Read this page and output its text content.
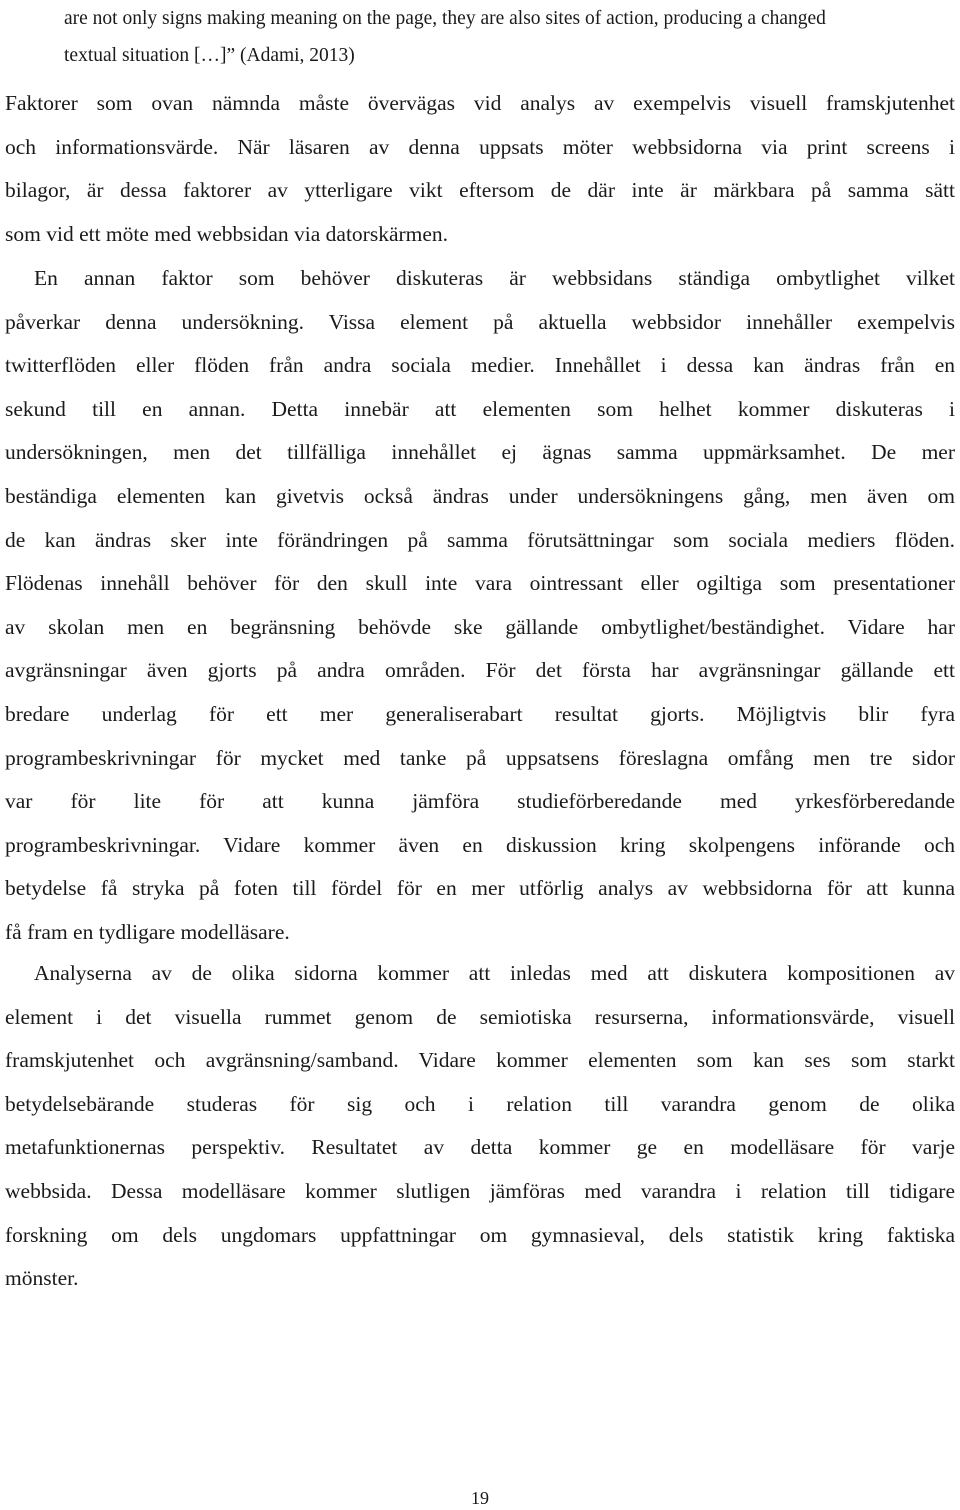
are not only signs making meaning on the page, they are also sites of action, producing a changed
textual situation […]” (Adami, 2013)
Faktorer som ovan nämnda måste övervägas vid analys av exempelvis visuell framskjutenhet
och informationsvärde. När läsaren av denna uppsats möter webbsidorna via print screens i
bilagor, är dessa faktorer av ytterligare vikt eftersom de där inte är märkbara på samma sätt
som vid ett möte med webbsidan via datorskärmen.
En annan faktor som behöver diskuteras är webbsidans ständiga ombytlighet vilket
påverkar denna undersökning. Vissa element på aktuella webbsidor innehåller exempelvis
twitterflöden eller flöden från andra sociala medier. Innehållet i dessa kan ändras från en
sekund till en annan. Detta innebär att elementen som helhet kommer diskuteras i
undersökningen, men det tillfälliga innehållet ej ägnas samma uppmärksamhet. De mer
beständiga elementen kan givetvis också ändras under undersökningens gång, men även om
de kan ändras sker inte förändringen på samma förutsättningar som sociala mediers flöden.
Flödenas innehåll behöver för den skull inte vara ointressant eller ogiltiga som presentationer
av skolan men en begränsning behövde ske gällande ombytlighet/beständighet. Vidare har
avgränsningar även gjorts på andra områden. För det första har avgränsningar gällande ett
bredare underlag för ett mer generaliserabart resultat gjorts. Möjligtvis blir fyra
programbeskrivningar för mycket med tanke på uppsatsens föreslagna omfång men tre sidor
var för lite för att kunna jämföra studieförberedande med yrkesförberedande
programbeskrivningar. Vidare kommer även en diskussion kring skolpengens införande och
betydelse få stryka på foten till fördel för en mer utförlig analys av webbsidorna för att kunna
få fram en tydligare modelläsare.
Analyserna av de olika sidorna kommer att inledas med att diskutera kompositionen av
element i det visuella rummet genom de semiotiska resurserna, informationsvärde, visuell
framskjutenhet och avgränsning/samband. Vidare kommer elementen som kan ses som starkt
betydelsebärande studeras för sig och i relation till varandra genom de olika
metafunktionernas perspektiv. Resultatet av detta kommer ge en modelläsare för varje
webbsida. Dessa modelläsare kommer slutligen jämföras med varandra i relation till tidigare
forskning om dels ungdomars uppfattningar om gymnasieval, dels statistik kring faktiska
mönster.
19
